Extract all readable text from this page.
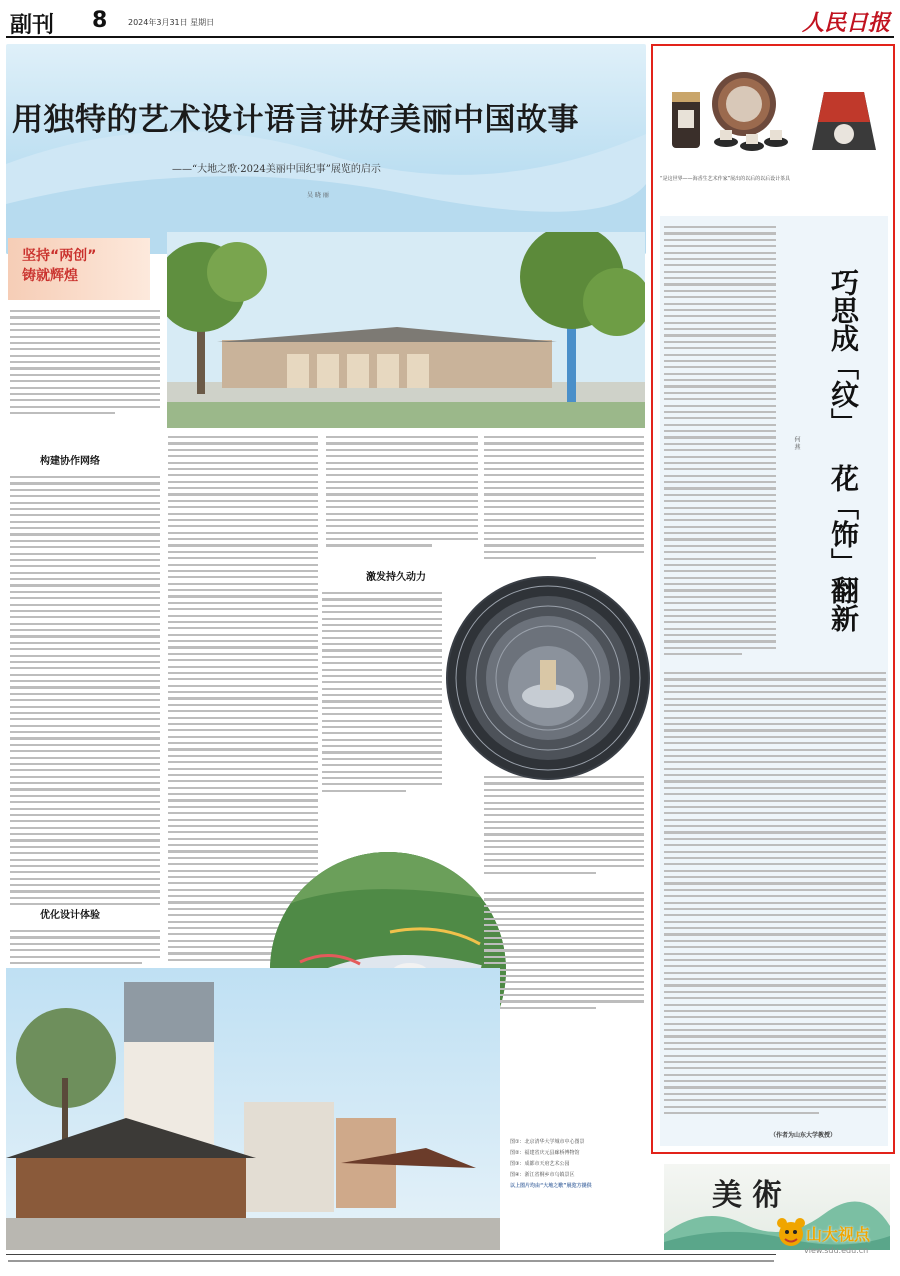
副刊 8	2024年3月31日 星期日	人民日报
用独特的艺术设计语言讲好美丽中国故事
——“大地之歌·2024美丽中国纪事”展览的启示
吴 晓 丽
坚持“两创”
铸就辉煌
构建协作网络
优化设计体验
激发持久动力
图①：北京清华大学城市中心图景
图②：福建省庆元县廊桥博物馆
图③：成都市天府艺术公园
图④：浙江省桐乡市乌镇景区
以上图片均由“大地之歌”展览方提供
“是这世界——海香生艺术作家”展出的以后的以后设计茶具
巧思成「纹」
花「饰」翻新
何 燕
（作者为山东大学教授）
美術
山大视点
view.sdu.edu.cn
